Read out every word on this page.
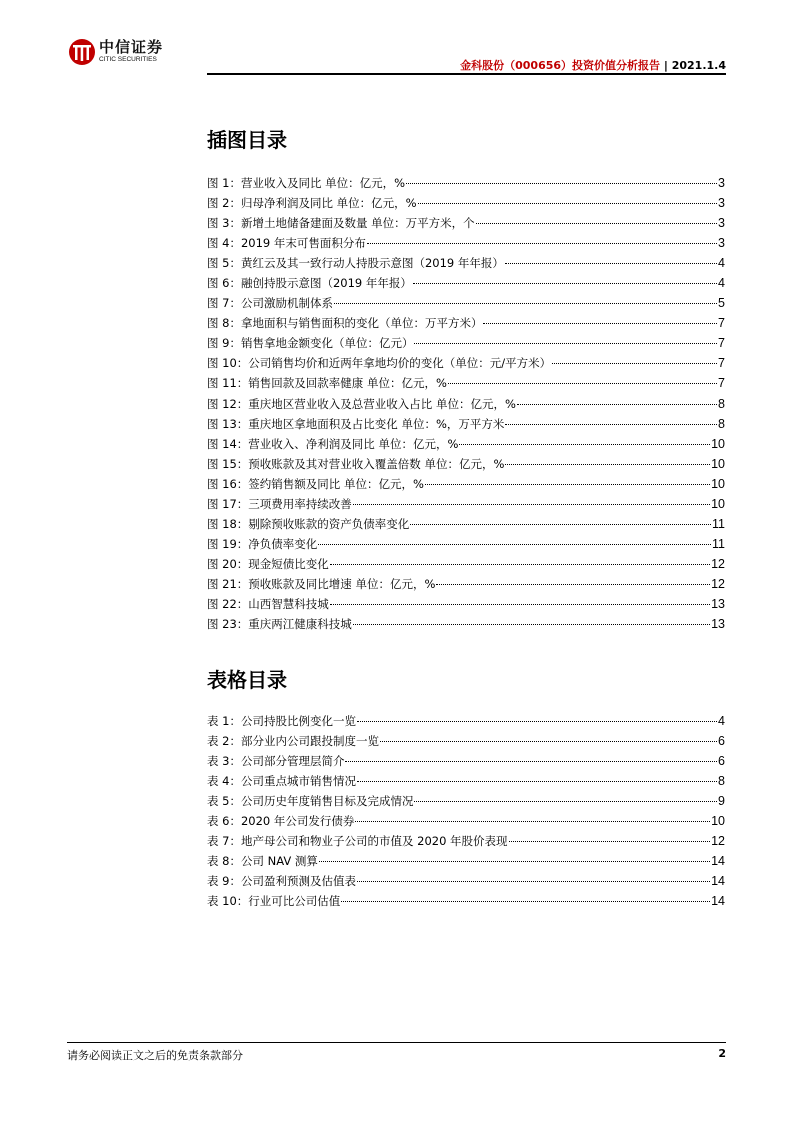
中信证券
CITIC SECURITIES	金科股份（000656）投资价值分析报告 | 2021.1.4
插图目录
图 1：营业收入及同比 单位：亿元，%	3
图 2：归母净利润及同比 单位：亿元，%	3
图 3：新增土地储备建面及数量 单位：万平方米，个	3
图 4：2019 年末可售面积分布	3
图 5：黄红云及其一致行动人持股示意图（2019 年年报）	4
图 6：融创持股示意图（2019 年年报）	4
图 7：公司激励机制体系	5
图 8：拿地面积与销售面积的变化（单位：万平方米）	7
图 9：销售拿地金额变化（单位：亿元）	7
图 10：公司销售均价和近两年拿地均价的变化（单位：元/平方米）	7
图 11：销售回款及回款率健康 单位：亿元，%	7
图 12：重庆地区营业收入及总营业收入占比 单位：亿元，%	8
图 13：重庆地区拿地面积及占比变化 单位：%，万平方米	8
图 14：营业收入、净利润及同比 单位：亿元，%	10
图 15：预收账款及其对营业收入覆盖倍数 单位：亿元，%	10
图 16：签约销售额及同比 单位：亿元，%	10
图 17：三项费用率持续改善	10
图 18：剔除预收账款的资产负债率变化	11
图 19：净负债率变化	11
图 20：现金短债比变化	12
图 21：预收账款及同比增速 单位：亿元，%	12
图 22：山西智慧科技城	13
图 23：重庆两江健康科技城	13
表格目录
表 1：公司持股比例变化一览	4
表 2：部分业内公司跟投制度一览	6
表 3：公司部分管理层简介	6
表 4：公司重点城市销售情况	8
表 5：公司历史年度销售目标及完成情况	9
表 6：2020 年公司发行债券	10
表 7：地产母公司和物业子公司的市值及 2020 年股价表现	12
表 8：公司 NAV 测算	14
表 9：公司盈利预测及估值表	14
表 10：行业可比公司估值	14
请务必阅读正文之后的免责条款部分	2
